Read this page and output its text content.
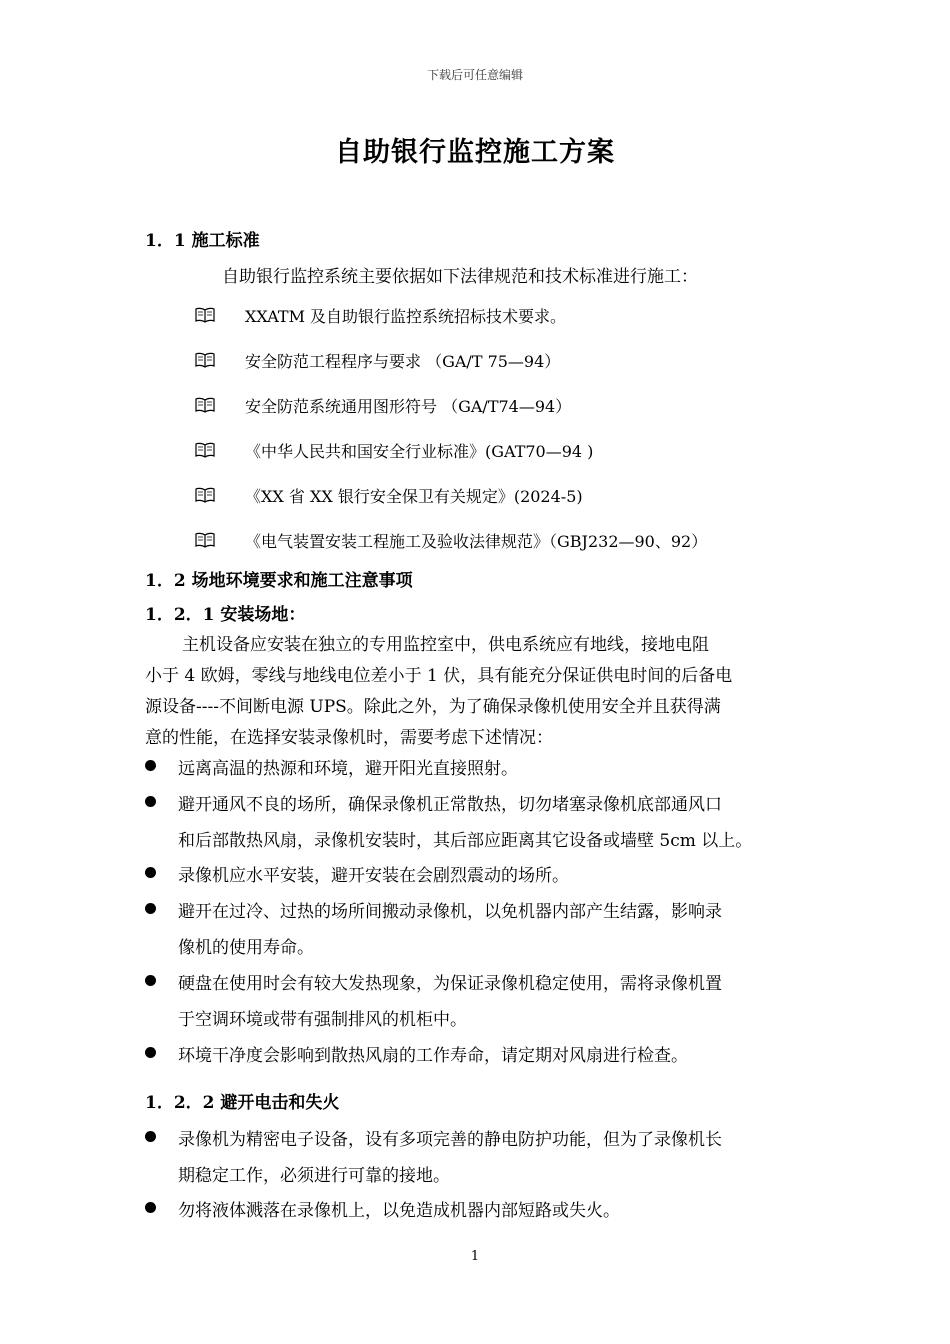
下载后可任意编辑
自助银行监控施工方案
1．1 施工标准
自助银行监控系统主要依据如下法律规范和技术标准进行施工：
XXATM 及自助银行监控系统招标技术要求。
安全防范工程程序与要求 （GA/T 75—94）
安全防范系统通用图形符号 （GA/T74—94）
《中华人民共和国安全行业标准》(GAT70—94 )
《XX 省 XX 银行安全保卫有关规定》(2024-5)
《电气装置安装工程施工及验收法律规范》（GBJ232—90、92）
1．2 场地环境要求和施工注意事项
1．2．1 安装场地：
主机设备应安装在独立的专用监控室中，供电系统应有地线，接地电阻
小于 4 欧姆，零线与地线电位差小于 1 伏，具有能充分保证供电时间的后备电
源设备----不间断电源 UPS。除此之外，为了确保录像机使用安全并且获得满
意的性能，在选择安装录像机时，需要考虑下述情况：
远离高温的热源和环境，避开阳光直接照射。
避开通风不良的场所，确保录像机正常散热，切勿堵塞录像机底部通风口
和后部散热风扇，录像机安装时，其后部应距离其它设备或墙壁 5cm 以上。
录像机应水平安装，避开安装在会剧烈震动的场所。
避开在过冷、过热的场所间搬动录像机，以免机器内部产生结露，影响录
像机的使用寿命。
硬盘在使用时会有较大发热现象，为保证录像机稳定使用，需将录像机置
于空调环境或带有强制排风的机柜中。
环境干净度会影响到散热风扇的工作寿命，请定期对风扇进行检查。
1．2．2 避开电击和失火
录像机为精密电子设备，设有多项完善的静电防护功能，但为了录像机长
期稳定工作，必须进行可靠的接地。
勿将液体溅落在录像机上，以免造成机器内部短路或失火。
1
